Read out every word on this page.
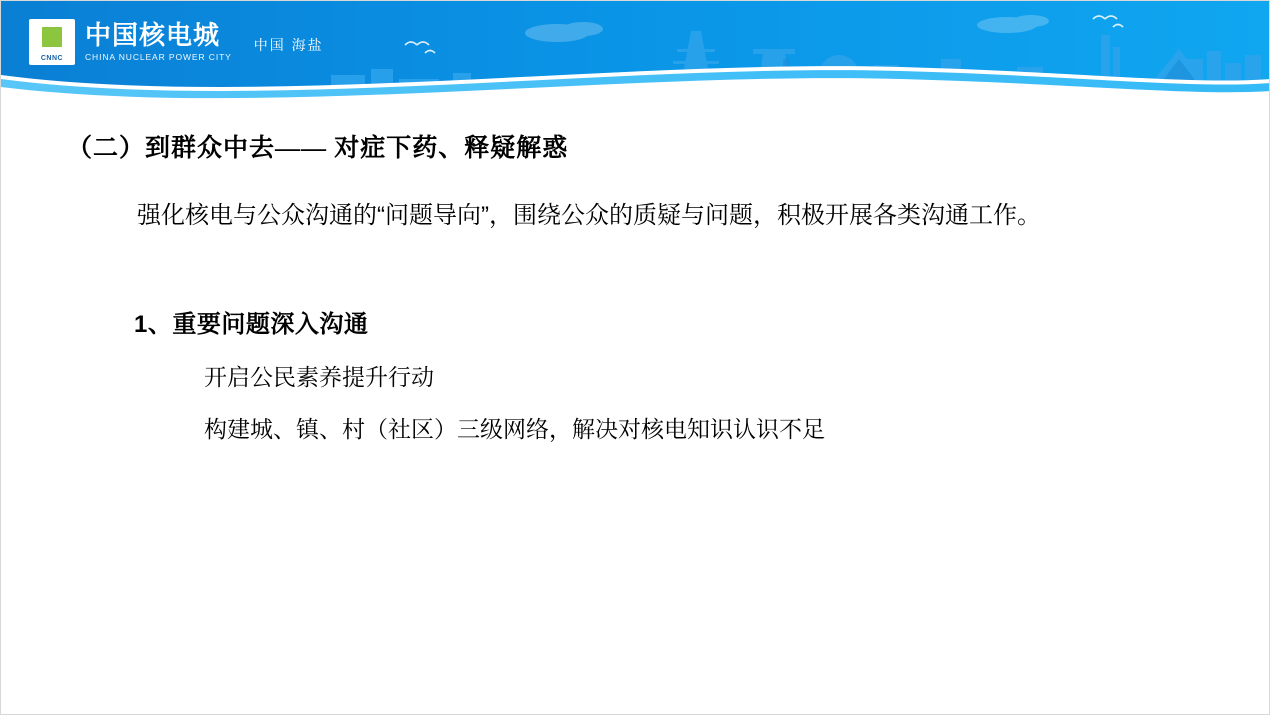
CNNC
中国核电城
CHINA NUCLEAR POWER CITY
中国 海盐
（二）到群众中去—— 对症下药、释疑解惑
强化核电与公众沟通的“问题导向”，围绕公众的质疑与问题，积极开展各类沟通工作。
1、重要问题深入沟通
开启公民素养提升行动
构建城、镇、村（社区）三级网络，解决对核电知识认识不足
